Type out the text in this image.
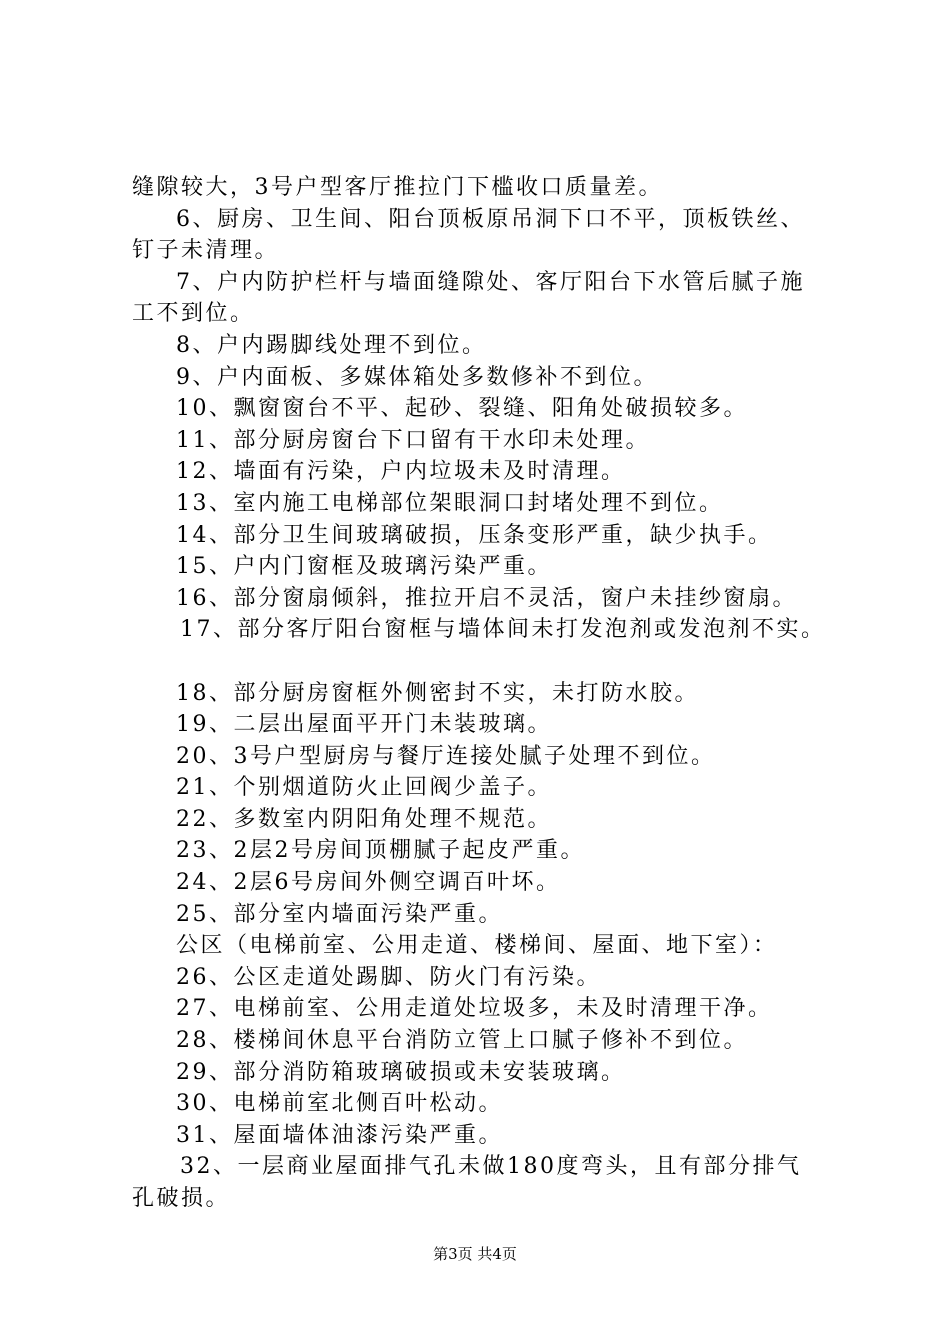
缝隙较大，3号户型客厅推拉门下槛收口质量差。
6、厨房、卫生间、阳台顶板原吊洞下口不平，顶板铁丝、
钉子未清理。
7、户内防护栏杆与墙面缝隙处、客厅阳台下水管后腻子施
工不到位。
8、户内踢脚线处理不到位。
9、户内面板、多媒体箱处多数修补不到位。
10、飘窗窗台不平、起砂、裂缝、阳角处破损较多。
11、部分厨房窗台下口留有干水印未处理。
12、墙面有污染，户内垃圾未及时清理。
13、室内施工电梯部位架眼洞口封堵处理不到位。
14、部分卫生间玻璃破损，压条变形严重，缺少执手。
15、户内门窗框及玻璃污染严重。
16、部分窗扇倾斜，推拉开启不灵活，窗户未挂纱窗扇。
17、部分客厅阳台窗框与墙体间未打发泡剂或发泡剂不实。
18、部分厨房窗框外侧密封不实，未打防水胶。
19、二层出屋面平开门未装玻璃。
20、3号户型厨房与餐厅连接处腻子处理不到位。
21、个别烟道防火止回阀少盖子。
22、多数室内阴阳角处理不规范。
23、2层2号房间顶棚腻子起皮严重。
24、2层6号房间外侧空调百叶坏。
25、部分室内墙面污染严重。
公区（电梯前室、公用走道、楼梯间、屋面、地下室）：
26、公区走道处踢脚、防火门有污染。
27、电梯前室、公用走道处垃圾多，未及时清理干净。
28、楼梯间休息平台消防立管上口腻子修补不到位。
29、部分消防箱玻璃破损或未安装玻璃。
30、电梯前室北侧百叶松动。
31、屋面墙体油漆污染严重。
32、一层商业屋面排气孔未做180度弯头，且有部分排气
孔破损。
第3页 共4页
